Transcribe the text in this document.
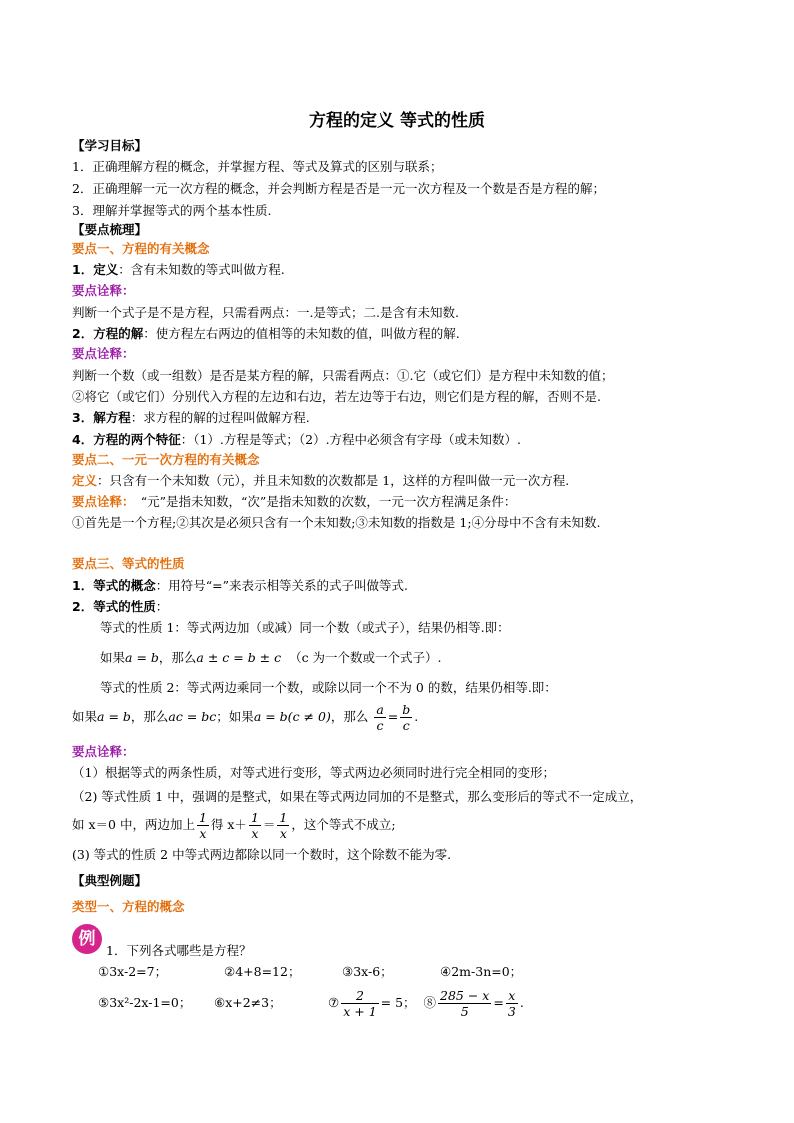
方程的定义 等式的性质
【学习目标】
1．正确理解方程的概念，并掌握方程、等式及算式的区别与联系；
2．正确理解一元一次方程的概念，并会判断方程是否是一元一次方程及一个数是否是方程的解；
3．理解并掌握等式的两个基本性质.
【要点梳理】
要点一、方程的有关概念
1．定义：含有未知数的等式叫做方程.
要点诠释：
判断一个式子是不是方程，只需看两点：一.是等式；二.是含有未知数.
2．方程的解：使方程左右两边的值相等的未知数的值，叫做方程的解.
要点诠释：
判断一个数（或一组数）是否是某方程的解，只需看两点：①.它（或它们）是方程中未知数的值；
②将它（或它们）分别代入方程的左边和右边，若左边等于右边，则它们是方程的解，否则不是.
3．解方程：求方程的解的过程叫做解方程.
4．方程的两个特征：（1）.方程是等式；（2）.方程中必须含有字母（或未知数）.
要点二、一元一次方程的有关概念
定义：只含有一个未知数（元），并且未知数的次数都是 1，这样的方程叫做一元一次方程.
要点诠释：　“元”是指未知数，“次”是指未知数的次数，一元一次方程满足条件：
①首先是一个方程;②其次是必须只含有一个未知数;③未知数的指数是 1;④分母中不含有未知数.
要点三、等式的性质
1．等式的概念：用符号“=”来表示相等关系的式子叫做等式.
2．等式的性质：
等式的性质 1：等式两边加（或减）同一个数（或式子），结果仍相等.即：
如果a = b，那么a ± c = b ± c （c 为一个数或一个式子）.
等式的性质 2：等式两边乘同一个数，或除以同一个不为 0 的数，结果仍相等.即：
如果a = b，那么ac = bc；如果a = b(c ≠ 0)，那么 $\frac{a}{c} = \frac{b}{c}$ .
要点诠释：
（1）根据等式的两条性质，对等式进行变形，等式两边必须同时进行完全相同的变形；
（2) 等式性质 1 中，强调的是整式，如果在等式两边同加的不是整式，那么变形后的等式不一定成立，
如 x＝0 中，两边加上 $\frac{1}{x}$ 得 $x+ \frac{1}{x} = \frac{1}{x}$ ，这个等式不成立;
(3) 等式的性质 2 中等式两边都除以同一个数时，这个除数不能为零.
【典型例题】
类型一、方程的概念
1．下列各式哪些是方程？
①3x-2=7；	②4+8=12；	③3x-6；	④2m-3n=0；
⑤3x²-2x-1=0； ⑥x+2≠3；	⑦ $\frac{2}{x + 1} = 5$； ⑧ $\frac{285 - x}{5} = \frac{x}{3}$ .
例
